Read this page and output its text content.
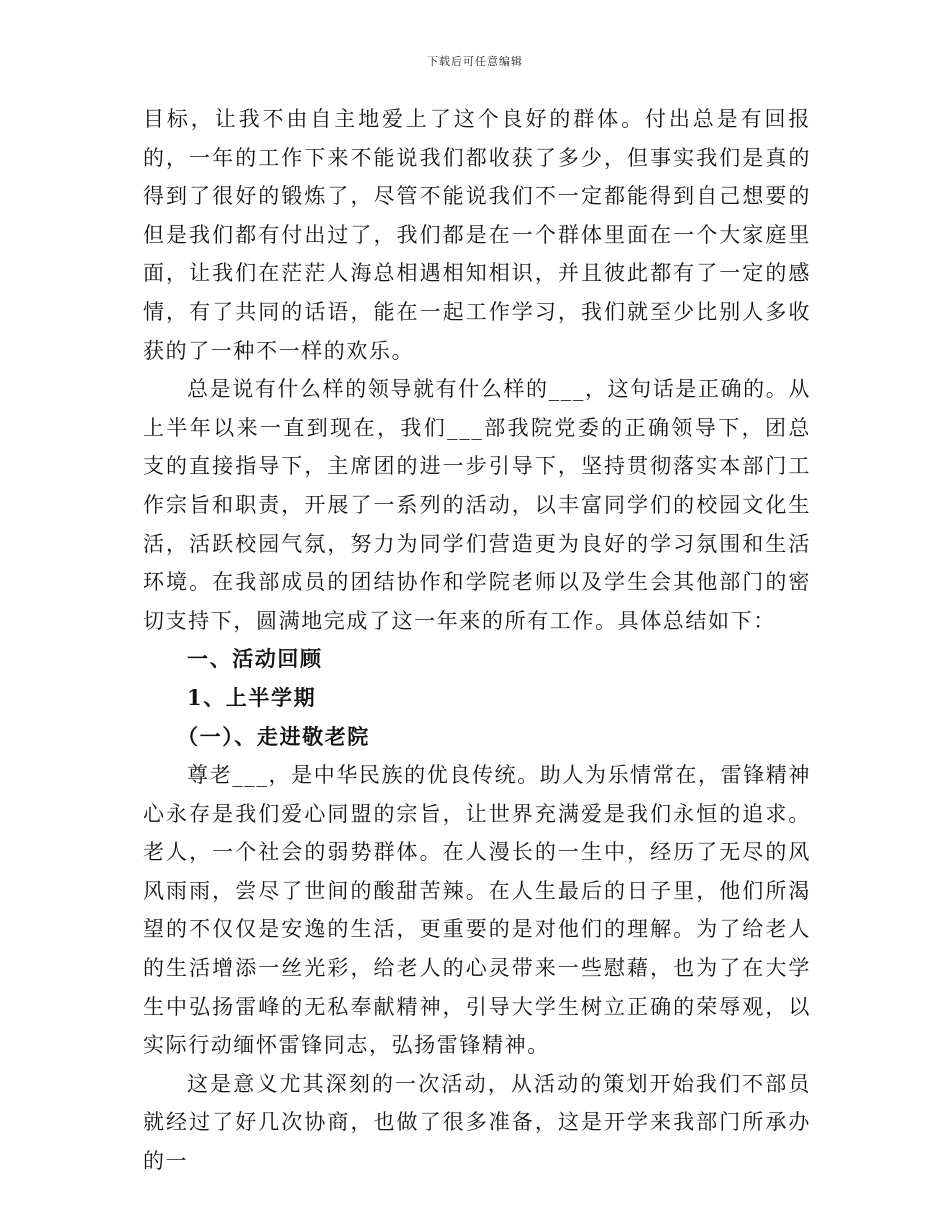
下载后可任意编辑

目标，让我不由自主地爱上了这个良好的群体。付出总是有回报的，一年的工作下来不能说我们都收获了多少，但事实我们是真的得到了很好的锻炼了，尽管不能说我们不一定都能得到自己想要的但是我们都有付出过了，我们都是在一个群体里面在一个大家庭里面，让我们在茫茫人海总相遇相知相识，并且彼此都有了一定的感情，有了共同的话语，能在一起工作学习，我们就至少比别人多收获的了一种不一样的欢乐。

总是说有什么样的领导就有什么样的___，这句话是正确的。从上半年以来一直到现在，我们___部我院党委的正确领导下，团总支的直接指导下，主席团的进一步引导下，坚持贯彻落实本部门工作宗旨和职责，开展了一系列的活动，以丰富同学们的校园文化生活，活跃校园气氛，努力为同学们营造更为良好的学习氛围和生活环境。在我部成员的团结协作和学院老师以及学生会其他部门的密切支持下，圆满地完成了这一年来的所有工作。具体总结如下：

一、活动回顾

1、上半学期

（一）、走进敬老院

尊老___，是中华民族的优良传统。助人为乐情常在，雷锋精神心永存是我们爱心同盟的宗旨，让世界充满爱是我们永恒的追求。老人，一个社会的弱势群体。在人漫长的一生中，经历了无尽的风风雨雨，尝尽了世间的酸甜苦辣。在人生最后的日子里，他们所渴望的不仅仅是安逸的生活，更重要的是对他们的理解。为了给老人的生活增添一丝光彩，给老人的心灵带来一些慰藉，也为了在大学生中弘扬雷峰的无私奉献精神，引导大学生树立正确的荣辱观，以实际行动缅怀雷锋同志，弘扬雷锋精神。

这是意义尤其深刻的一次活动，从活动的策划开始我们不部员就经过了好几次协商，也做了很多准备，这是开学来我部门所承办的一
